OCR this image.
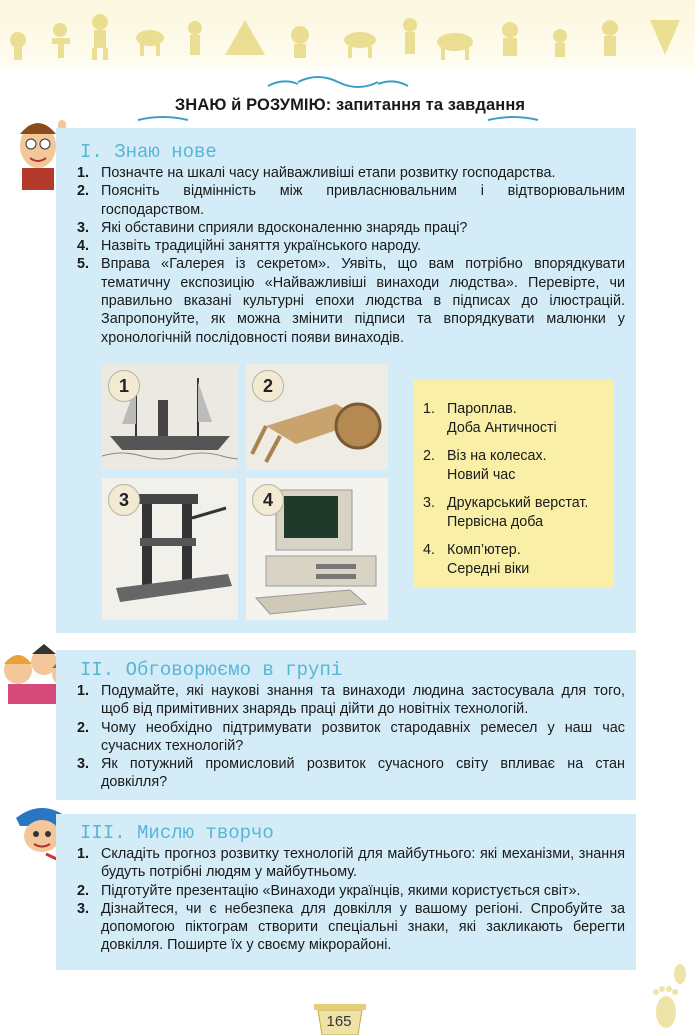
ЗНАЮ й РОЗУМІЮ: запитання та завдання
I. Знаю нове
1. Позначте на шкалі часу найважливіші етапи розвитку господарства.
2. Поясніть відмінність між привласнювальним і відтворювальним господарством.
3. Які обставини сприяли вдосконаленню знарядь праці?
4. Назвіть традиційні заняття українського народу.
5. Вправа «Галерея із секретом». Уявіть, що вам потрібно впорядкувати тематичну експозицію «Найважливіші винаходи людства». Перевірте, чи правильно вказані культурні епохи людства в підписах до ілюстрацій. Запропонуйте, як можна змінити підписи та впорядкувати малюнки у хронологічній послідовності появи винаходів.
1	2
3	4
1. Пароплав.
Доба Античності
2. Віз на колесах.
Новий час
3. Друкарський верстат.
Первісна доба
4. Комп’ютер.
Середні віки
II. Обговорюємо в групі
1. Подумайте, які наукові знання та винаходи людина застосувала для того, щоб від примітивних знарядь праці дійти до новітніх технологій.
2. Чому необхідно підтримувати розвиток стародавніх ремесел у наш час сучасних технологій?
3. Як потужний промисловий розвиток сучасного світу впливає на стан довкілля?
III. Мислю творчо
1. Складіть прогноз розвитку технологій для майбутнього: які механізми, знання будуть потрібні людям у майбутньому.
2. Підготуйте презентацію «Винаходи українців, якими користується світ».
3. Дізнайтеся, чи є небезпека для довкілля у вашому регіоні. Спробуйте за допомогою піктограм створити спеціальні знаки, які закликають берегти довкілля. Поширте їх у своєму мікрорайоні.
165
